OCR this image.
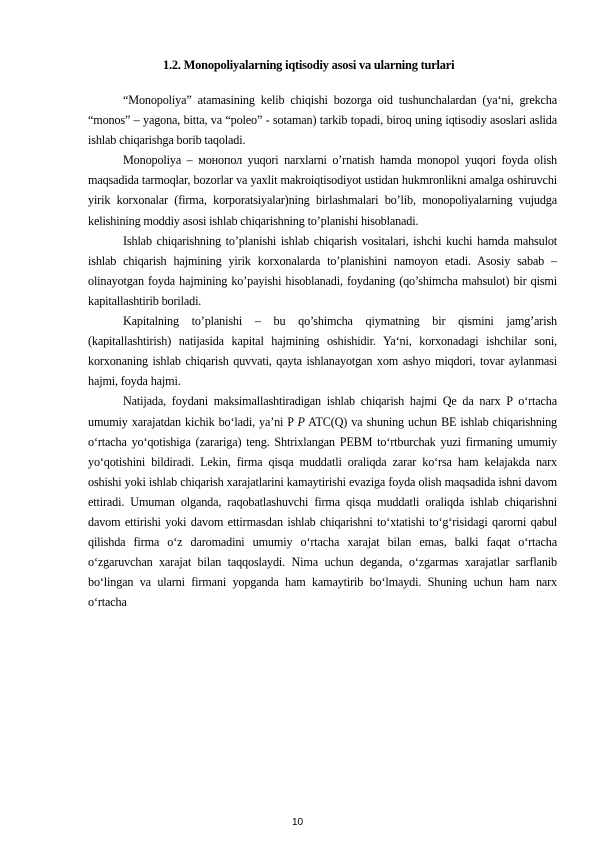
1.2. Monopoliyalarning iqtisodiy asosi va ularning turlari

“Monopoliya” atamasining kelib chiqishi bozorga oid tushunchalardan (ya‘ni, grekcha “monos” – yagona, bitta, va “poleo” - sotaman) tarkib topadi, biroq uning iqtisodiy asoslari aslida ishlab chiqarishga borib taqoladi.

Monopoliya – монопол yuqori narxlarni o’rnatish hamda monopol yuqori foyda olish maqsadida tarmoqlar, bozorlar va yaxlit makroiqtisodiyot ustidan hukmronlikni amalga oshiruvchi yirik korxonalar (firma, korporatsiyalar)ning birlashmalari bo’lib, monopoliyalarning vujudga kelishining moddiy asosi ishlab chiqarishning to’planishi hisoblanadi.

Ishlab chiqarishning to’planishi ishlab chiqarish vositalari, ishchi kuchi hamda mahsulot ishlab chiqarish hajmining yirik korxonalarda to’planishini namoyon etadi. Asosiy sabab – olinayotgan foyda hajmining ko’payishi hisoblanadi, foydaning (qo’shimcha mahsulot) bir qismi kapitallashtirib boriladi.

Kapitalning to’planishi – bu qo’shimcha qiymatning bir qismini jamg’arish (kapitallashtirish) natijasida kapital hajmining oshishidir. Ya‘ni, korxonadagi ishchilar soni, korxonaning ishlab chiqarish quvvati, qayta ishlanayotgan xom ashyo miqdori, tovar aylanmasi hajmi, foyda hajmi.

Natijada, foydani maksimallashtiradigan ishlab chiqarish hajmi Qe da narx P o‘rtacha umumiy xarajatdan kichik bo‘ladi, ya’ni P P ATC(Q) va shuning uchun BE ishlab chiqarishning o‘rtacha yo‘qotishiga (zarariga) teng. Shtrixlangan PEBM to‘rtburchak yuzi firmaning umumiy yo‘qotishini bildiradi. Lekin, firma qisqa muddatli oraliqda zarar ko‘rsa ham kelajakda narx oshishi yoki ishlab chiqarish xarajatlarini kamaytirishi evaziga foyda olish maqsadida ishni davom ettiradi. Umuman olganda, raqobatlashuvchi firma qisqa muddatli oraliqda ishlab chiqarishni davom ettirishi yoki davom ettirmasdan ishlab chiqarishni to‘xtatishi to‘g‘risidagi qarorni qabul qilishda firma o‘z daromadini umumiy o‘rtacha xarajat bilan emas, balki faqat o‘rtacha o‘zgaruvchan xarajat bilan taqqoslaydi. Nima uchun deganda, o‘zgarmas xarajatlar sarflanib bo‘lingan va ularni firmani yopganda ham kamaytirib bo‘lmaydi. Shuning uchun ham narx o‘rtacha

10
